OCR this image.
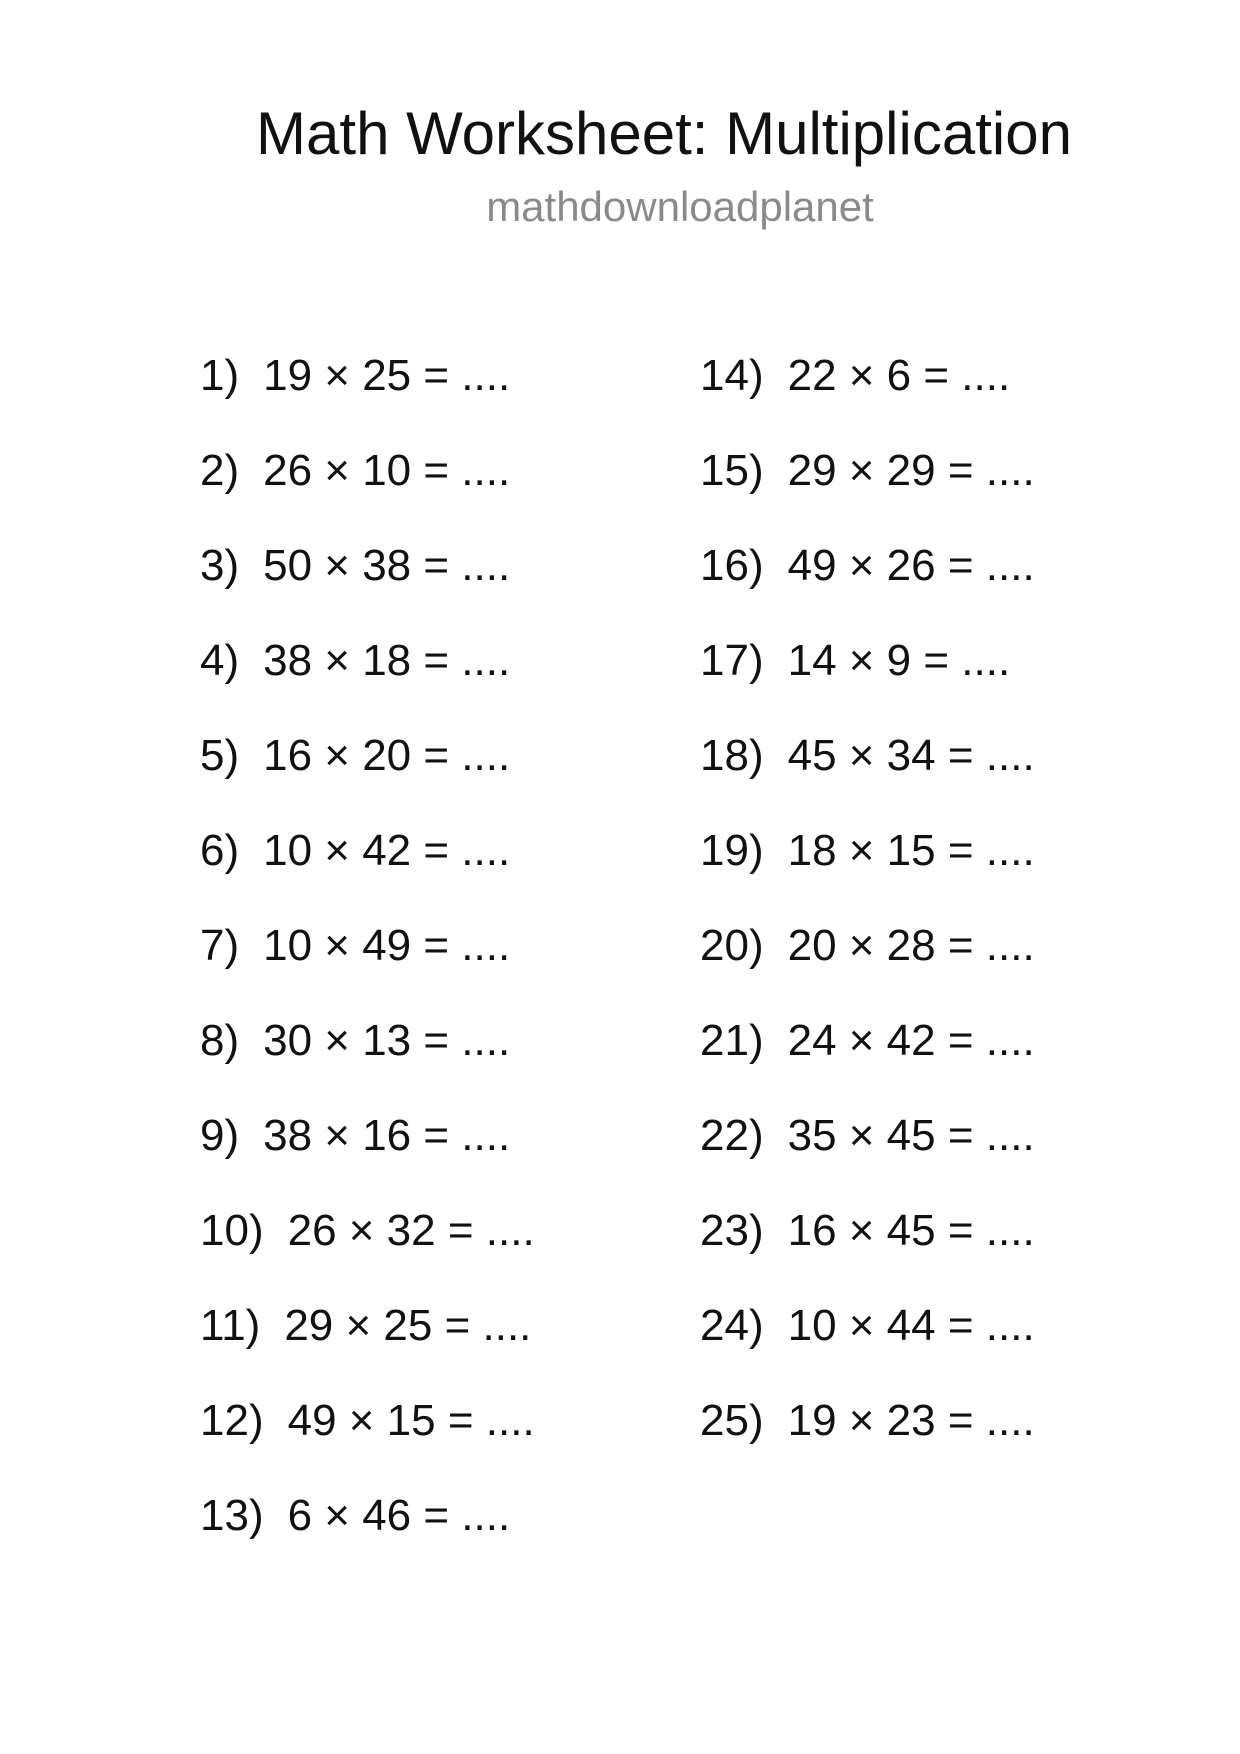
Math Worksheet: Multiplication
mathdownloadplanet
1) 19 × 25 = ....
2) 26 × 10 = ....
3) 50 × 38 = ....
4) 38 × 18 = ....
5) 16 × 20 = ....
6) 10 × 42 = ....
7) 10 × 49 = ....
8) 30 × 13 = ....
9) 38 × 16 = ....
10) 26 × 32 = ....
11) 29 × 25 = ....
12) 49 × 15 = ....
13) 6 × 46 = ....
14) 22 × 6 = ....
15) 29 × 29 = ....
16) 49 × 26 = ....
17) 14 × 9 = ....
18) 45 × 34 = ....
19) 18 × 15 = ....
20) 20 × 28 = ....
21) 24 × 42 = ....
22) 35 × 45 = ....
23) 16 × 45 = ....
24) 10 × 44 = ....
25) 19 × 23 = ....
